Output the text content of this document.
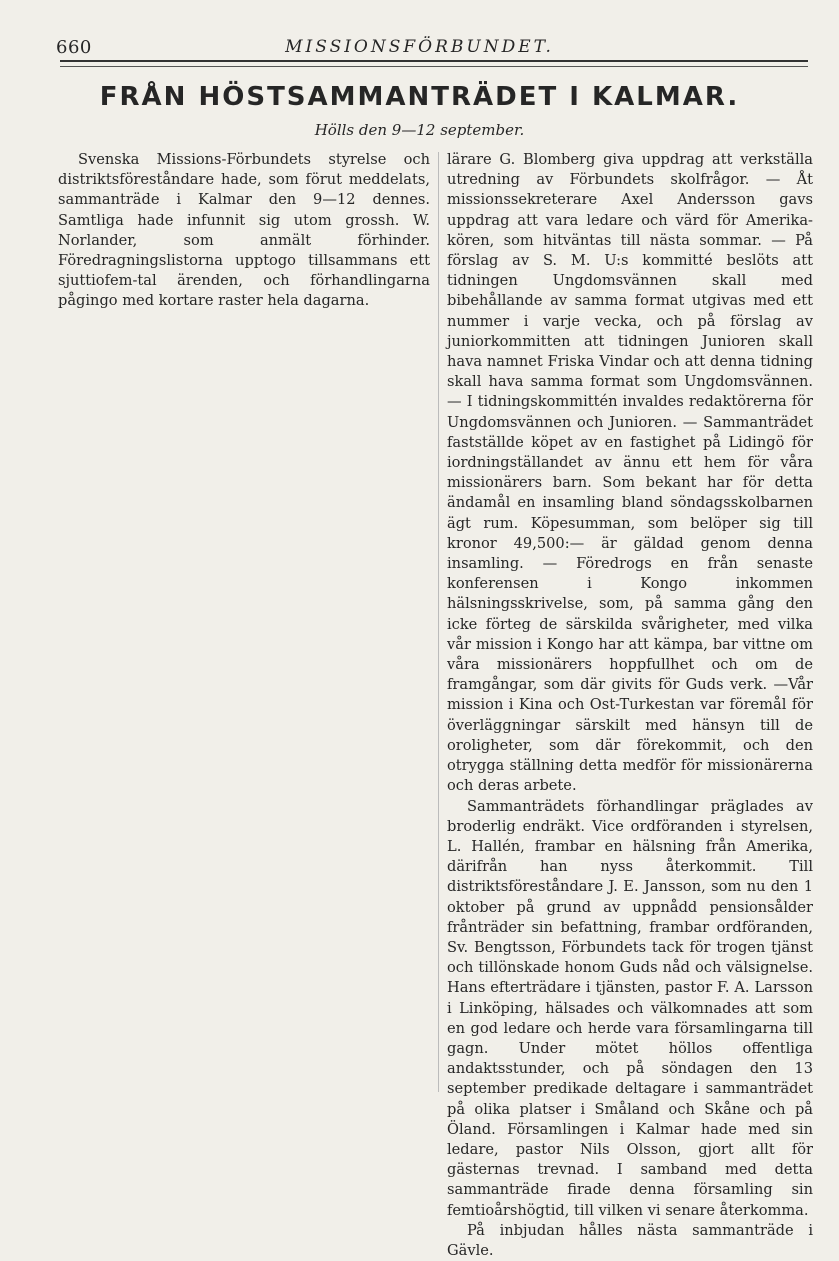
660	MISSIONSFÖRBUNDET.
FRÅN HÖSTSAMMANTRÄDET I KALMAR.
Hölls den 9—12 september.

Svenska Missions-Förbundets styrelse och distriktsföreståndare hade, som förut meddelats, sammanträde i Kalmar den 9—12 dennes. Samtliga hade infunnit sig utom grossh. W. Norlander, som anmält förhinder. Föredragningslistorna upptogo tillsammans ett sjuttiofem-tal ärenden, och förhandlingarna pågingo med kortare raster hela dagarna.

lärare G. Blomberg giva uppdrag att verkställa utredning av Förbundets skolfrågor. — Åt missionssekreterare Axel Andersson gavs uppdrag att vara ledare och värd för Amerika-kören, som hitväntas till nästa sommar. — På förslag av S. M. U:s kommitté beslöts att tidningen Ungdomsvännen skall med bibehållande av samma format utgivas med ett nummer i varje vecka, och på förslag av juniorkommitten att tidningen Junioren skall hava namnet Friska Vindar och att denna tidning skall hava samma format som Ungdomsvännen. — I tidningskommittén invaldes redaktörerna för Ungdomsvännen och Junioren. — Sammanträdet fastställde köpet av en fastighet på Lidingö för iordningställandet av ännu ett hem för våra missionärers barn. Som bekant har för detta ändamål en insamling bland söndagsskolbarnen ägt rum. Köpesumman, som belöper sig till kronor 49,500:— är gäldad genom denna insamling. — Föredrogs en från senaste konferensen i Kongo inkommen hälsningsskrivelse, som, på samma gång den icke förteg de särskilda svårigheter, med vilka vår mission i Kongo har att kämpa, bar vittne om våra missionärers hoppfullhet och om de framgångar, som där givits för Guds verk. —Vår mission i Kina och Ost-Turkestan var föremål för överläggningar särskilt med hänsyn till de oroligheter, som där förekommit, och den otrygga ställning detta medför för missionärerna och deras arbete.

Sammanträdets förhandlingar präglades av broderlig endräkt. Vice ordföranden i styrelsen, L. Hallén, frambar en hälsning från Amerika, därifrån han nyss återkommit. Till distriktsföreståndare J. E. Jansson, som nu den 1 oktober på grund av uppnådd pensionsålder frånträder sin befattning, frambar ordföranden, Sv. Bengtsson, Förbundets tack för trogen tjänst och tillönskade honom Guds nåd och välsignelse. Hans efterträdare i tjänsten, pastor F. A. Larsson i Linköping, hälsades och välkomnades att som en god ledare och herde vara församlingarna till gagn. Under mötet höllos offentliga andaktsstunder, och på söndagen den 13 september predikade deltagare i sammanträdet på olika platser i Småland och Skåne och på Öland. Församlingen i Kalmar hade med sin ledare, pastor Nils Olsson, gjort allt för gästernas trevnad. I samband med detta sammanträde firade denna församling sin femtioårshögtid, till vilken vi senare återkomma.

På inbjudan hålles nästa sammanträde i Gävle.
